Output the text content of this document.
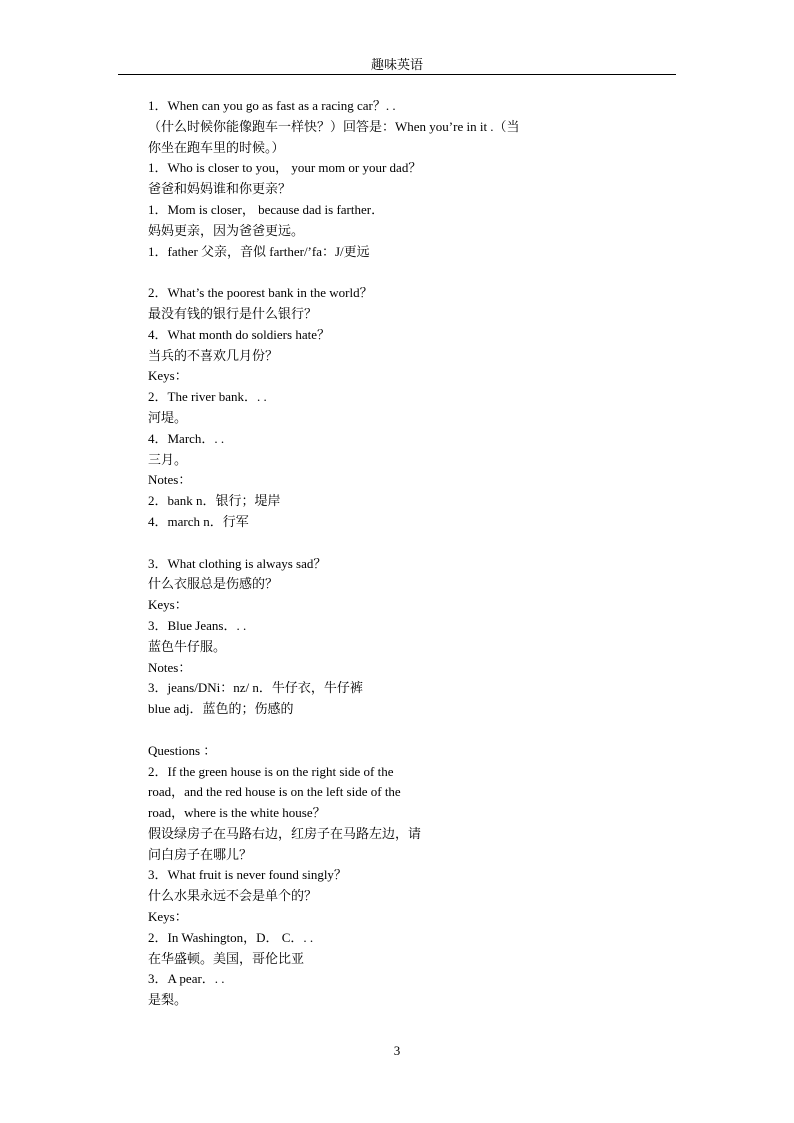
趣味英语
1．When can you go as fast as a racing car？. .
（什么时候你能像跑车一样快？）回答是：When you’re in it .（当
你坐在跑车里的时候。）
1．Who is closer to you， your mom or your dad？
爸爸和妈妈谁和你更亲？
1．Mom is closer， because dad is farther．
妈妈更亲，因为爸爸更远。
1．father 父亲，音似 farther/’fa：J/更远
2．What’s the poorest bank in the world？
最没有钱的银行是什么银行？
4．What month do soldiers hate？
当兵的不喜欢几月份？
Keys：
2．The river bank．. .
河堤。
4．March．. .
三月。
Notes：
2．bank n．银行；堤岸
4．march n．行军
3．What clothing is always sad？
什么衣服总是伤感的？
Keys：
3．Blue Jeans．. .
蓝色牛仔服。
Notes：
3．jeans/DNi：nz/ n．牛仔衣，牛仔裤
blue adj．蓝色的；伤感的
Questions ：
2．If the green house is on the right side of the
road，and the red house is on the left side of the
road，where is the white house？
假设绿房子在马路右边，红房子在马路左边，请
问白房子在哪儿？
3．What fruit is never found singly？
什么水果永远不会是单个的？
Keys：
2．In Washington，D． C．. .
在华盛顿。美国，哥伦比亚
3．A pear．. .
是梨。
3
